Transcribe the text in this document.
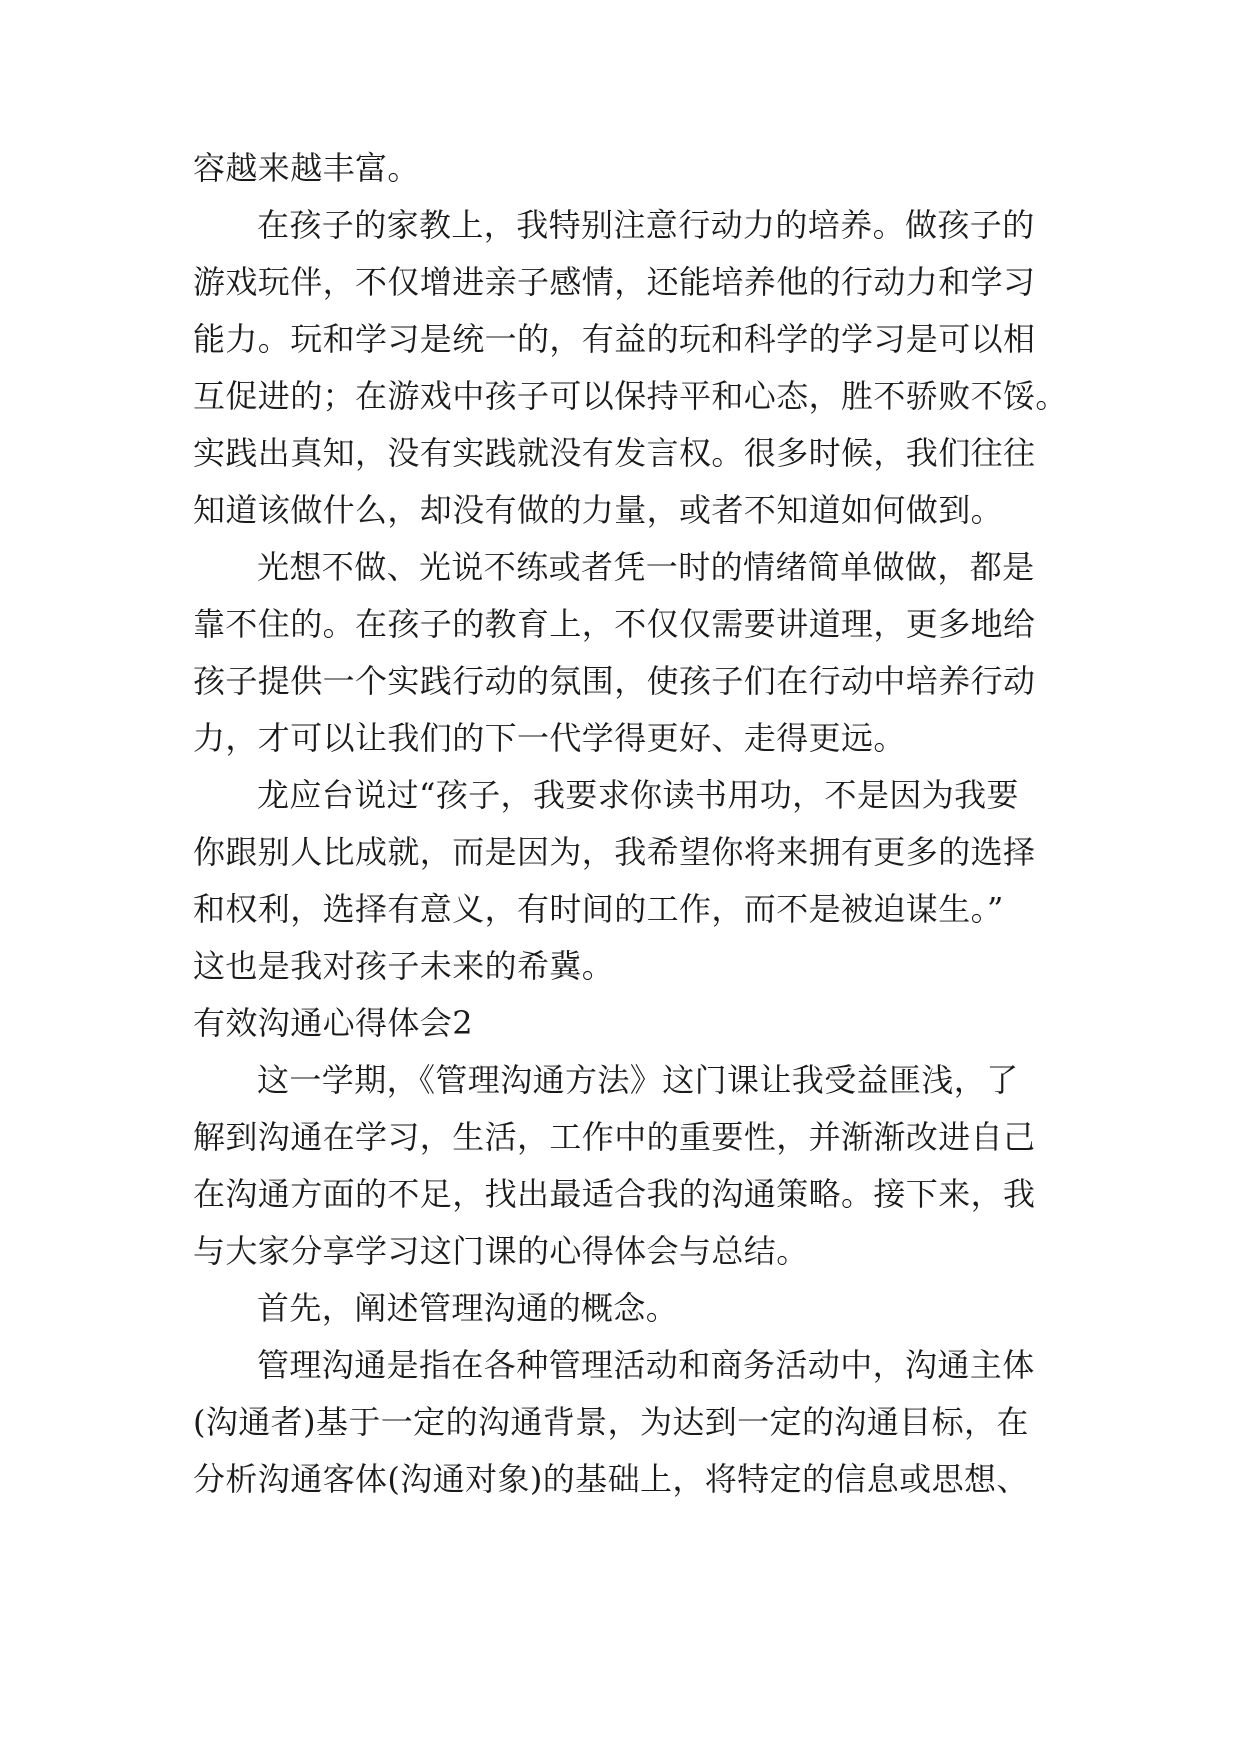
容越来越丰富。

在孩子的家教上，我特别注意行动力的培养。做孩子的

游戏玩伴，不仅增进亲子感情，还能培养他的行动力和学习

能力。玩和学习是统一的，有益的玩和科学的学习是可以相

互促进的；在游戏中孩子可以保持平和心态，胜不骄败不馁。

实践出真知，没有实践就没有发言权。很多时候，我们往往

知道该做什么，却没有做的力量，或者不知道如何做到。

光想不做、光说不练或者凭一时的情绪简单做做，都是

靠不住的。在孩子的教育上，不仅仅需要讲道理，更多地给

孩子提供一个实践行动的氛围，使孩子们在行动中培养行动

力，才可以让我们的下一代学得更好、走得更远。

龙应台说过“孩子，我要求你读书用功，不是因为我要

你跟别人比成就，而是因为，我希望你将来拥有更多的选择

和权利，选择有意义，有时间的工作，而不是被迫谋生。”

这也是我对孩子未来的希冀。

有效沟通心得体会2

这一学期，《管理沟通方法》这门课让我受益匪浅，了

解到沟通在学习，生活，工作中的重要性，并渐渐改进自己

在沟通方面的不足，找出最适合我的沟通策略。接下来，我

与大家分享学习这门课的心得体会与总结。

首先，阐述管理沟通的概念。

管理沟通是指在各种管理活动和商务活动中，沟通主体

(沟通者)基于一定的沟通背景，为达到一定的沟通目标，在

分析沟通客体(沟通对象)的基础上，将特定的信息或思想、
